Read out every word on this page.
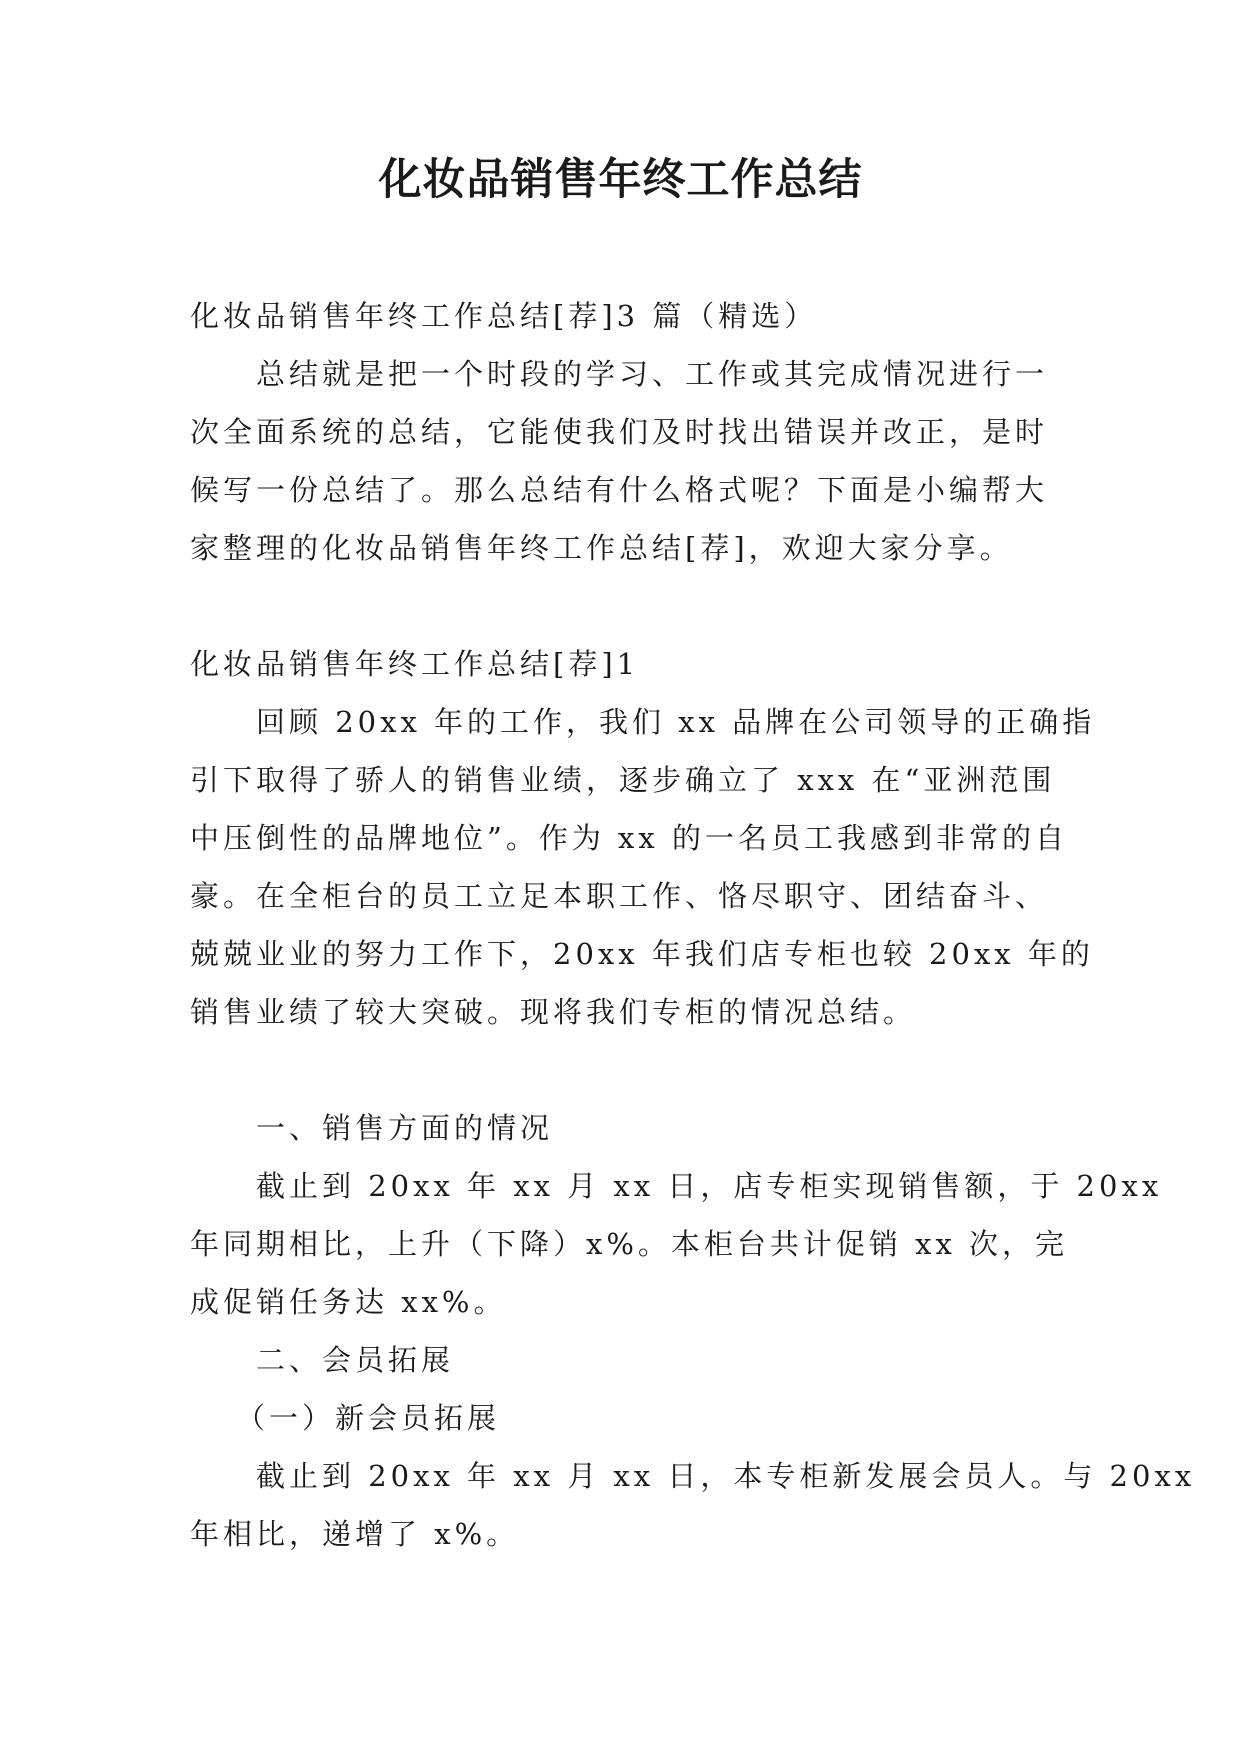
化妆品销售年终工作总结
化妆品销售年终工作总结[荐]3 篇（精选）
总结就是把一个时段的学习、工作或其完成情况进行一
次全面系统的总结，它能使我们及时找出错误并改正，是时
候写一份总结了。那么总结有什么格式呢？下面是小编帮大
家整理的化妆品销售年终工作总结[荐]，欢迎大家分享。
化妆品销售年终工作总结[荐]1
回顾 20xx 年的工作，我们 xx 品牌在公司领导的正确指
引下取得了骄人的销售业绩，逐步确立了 xxx 在“亚洲范围
中压倒性的品牌地位”。作为 xx 的一名员工我感到非常的自
豪。在全柜台的员工立足本职工作、恪尽职守、团结奋斗、
兢兢业业的努力工作下，20xx 年我们店专柜也较 20xx 年的
销售业绩了较大突破。现将我们专柜的情况总结。
一、销售方面的情况
截止到 20xx 年 xx 月 xx 日，店专柜实现销售额，于 20xx
年同期相比，上升（下降）x%。本柜台共计促销 xx 次，完
成促销任务达 xx%。
二、会员拓展
（一）新会员拓展
截止到 20xx 年 xx 月 xx 日，本专柜新发展会员人。与 20xx
年相比，递增了 x%。
